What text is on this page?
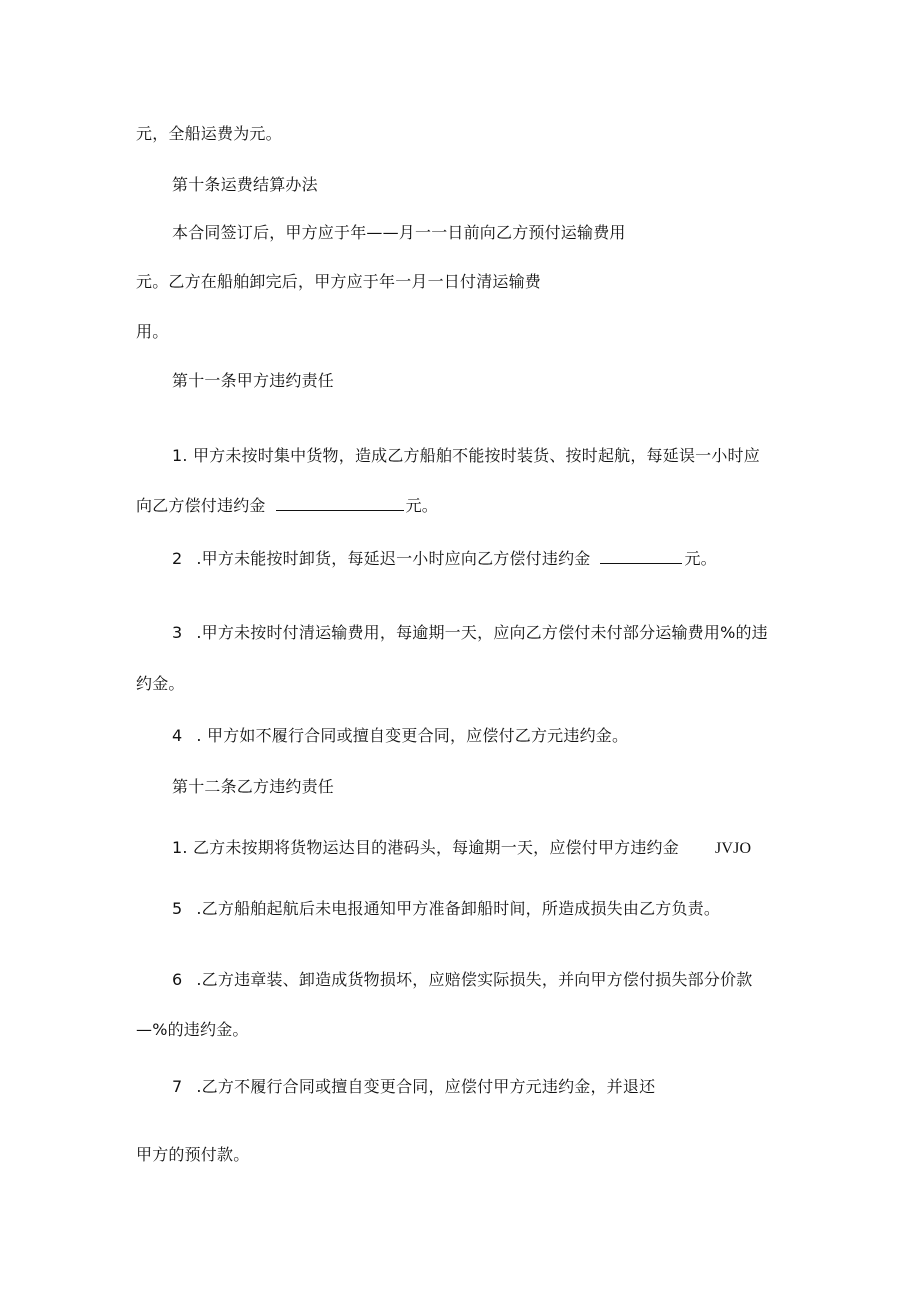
元，全船运费为元。
第十条运费结算办法
本合同签订后，甲方应于年——月一一日前向乙方预付运输费用
元。乙方在船舶卸完后，甲方应于年一月一日付清运输费
用。
第十一条甲方违约责任
1. 甲方未按时集中货物，造成乙方船舶不能按时装货、按时起航，每延误一小时应
向乙方偿付违约金	元。
2 .甲方未能按时卸货，每延迟一小时应向乙方偿付违约金	元。
3 .甲方未按时付清运输费用，每逾期一天，应向乙方偿付未付部分运输费用%的违
约金。
4 . 甲方如不履行合同或擅自变更合同，应偿付乙方元违约金。
第十二条乙方违约责任
1. 乙方未按期将货物运达目的港码头，每逾期一天，应偿付甲方违约金 JVJO
5 .乙方船舶起航后未电报通知甲方准备卸船时间，所造成损失由乙方负责。
6 .乙方违章装、卸造成货物损坏，应赔偿实际损失，并向甲方偿付损失部分价款
—%的违约金。
7 .乙方不履行合同或擅自变更合同，应偿付甲方元违约金，并退还
甲方的预付款。
